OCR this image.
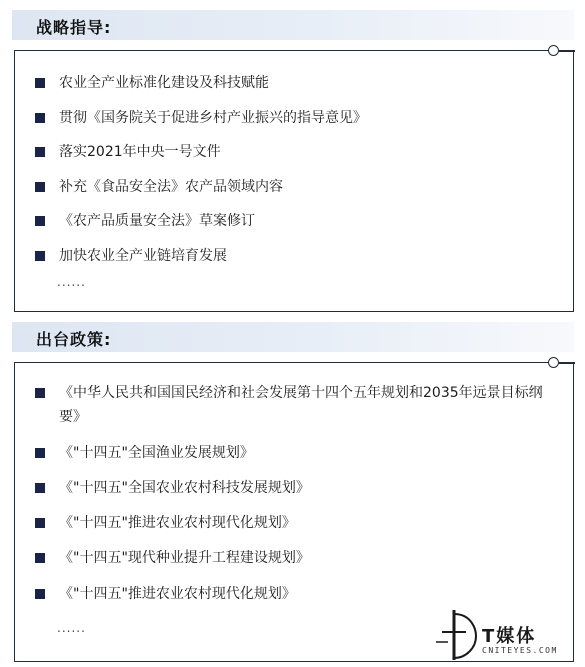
战略指导:
农业全产业标准化建设及科技赋能
贯彻《国务院关于促进乡村产业振兴的指导意见》
落实2021年中央一号文件
补充《食品安全法》农产品领域内容
《农产品质量安全法》草案修订
加快农业全产业链培育发展
......
出台政策:
《中华人民共和国国民经济和社会发展第十四个五年规划和2035年远景目标纲要》
《"十四五"全国渔业发展规划》
《"十四五"全国农业农村科技发展规划》
《"十四五"推进农业农村现代化规划》
《"十四五"现代种业提升工程建设规划》
《"十四五"推进农业农村现代化规划》
......	T媒体
CNITEYES.COM
